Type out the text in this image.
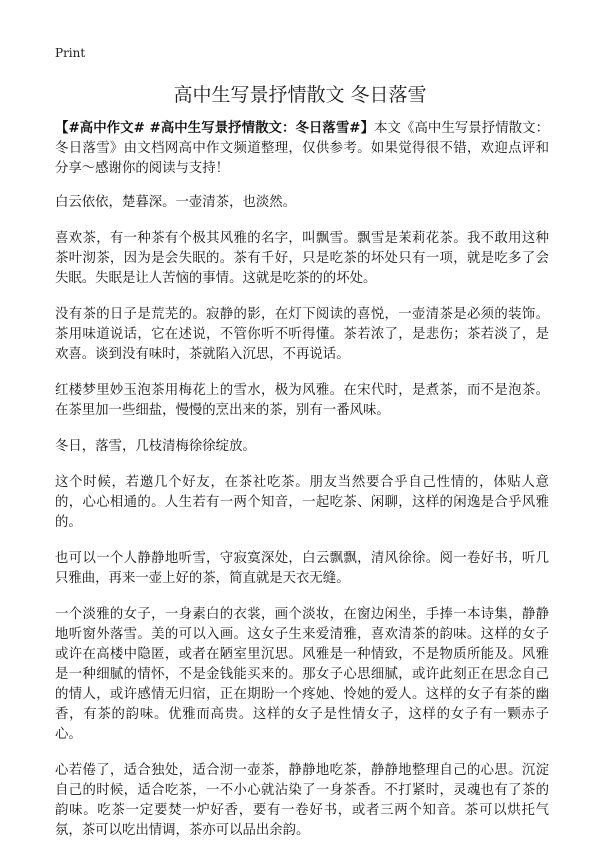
Print
高中生写景抒情散文 冬日落雪

【#高中作文# #高中生写景抒情散文：冬日落雪#】本文《高中生写景抒情散文：冬日落雪》由文档网高中作文频道整理，仅供参考。如果觉得很不错，欢迎点评和分享～感谢你的阅读与支持！

白云依依，楚暮深。一壶清茶，也淡然。

喜欢茶，有一种茶有个极其风雅的名字，叫飘雪。飘雪是茉莉花茶。我不敢用这种茶叶沏茶，因为是会失眠的。茶有千好，只是吃茶的坏处只有一项，就是吃多了会失眠。失眠是让人苦恼的事情。这就是吃茶的的坏处。

没有茶的日子是荒芜的。寂静的影，在灯下阅读的喜悦，一壶清茶是必须的装饰。茶用味道说话，它在述说，不管你听不听得懂。茶若浓了，是悲伤；茶若淡了，是欢喜。谈到没有味时，茶就陷入沉思，不再说话。

红楼梦里妙玉泡茶用梅花上的雪水，极为风雅。在宋代时，是煮茶，而不是泡茶。在茶里加一些细盐，慢慢的烹出来的茶，别有一番风味。

冬日，落雪，几枝清梅徐徐绽放。

这个时候，若邀几个好友，在茶社吃茶。朋友当然要合乎自己性情的，体贴人意的，心心相通的。人生若有一两个知音，一起吃茶、闲聊，这样的闲逸是合乎风雅的。

也可以一个人静静地听雪，守寂寞深处，白云飘飘，清风徐徐。阅一卷好书，听几只雅曲，再来一壶上好的茶，简直就是天衣无缝。

一个淡雅的女子，一身素白的衣裳，画个淡妆，在窗边闲坐，手捧一本诗集，静静地听窗外落雪。美的可以入画。这女子生来爱清雅，喜欢清茶的韵味。这样的女子或许在高楼中隐匿，或者在陋室里沉思。风雅是一种情致，不是物质所能及。风雅是一种细腻的情怀，不是金钱能买来的。那女子心思细腻，或许此刻正在思念自己的情人，或许感情无归宿，正在期盼一个疼她、怜她的爱人。这样的女子有茶的幽香，有茶的韵味。优雅而高贵。这样的女子是性情女子，这样的女子有一颗赤子心。

心若倦了，适合独处，适合沏一壶茶，静静地吃茶，静静地整理自己的心思。沉淀自己的时候，适合吃茶，一不小心就沾染了一身茶香。不打紧时，灵魂也有了茶的韵味。吃茶一定要焚一炉好香，要有一卷好书，或者三两个知音。茶可以烘托气氛，茶可以吃出情调，茶亦可以品出余韵。
